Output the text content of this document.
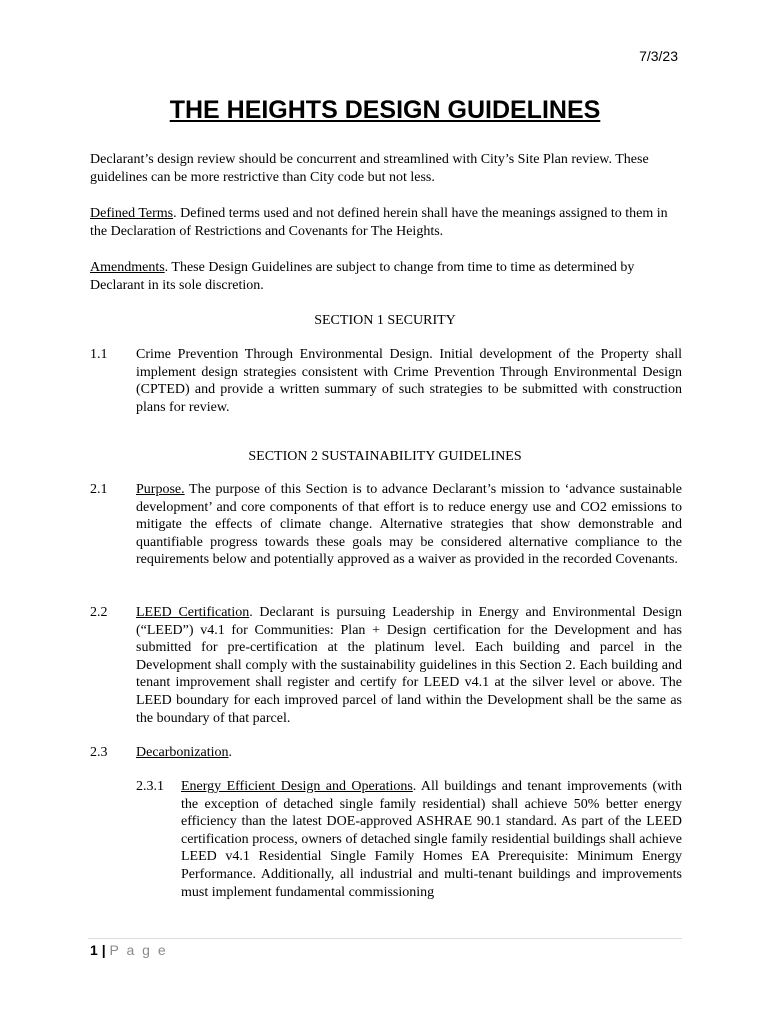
7/3/23
THE HEIGHTS DESIGN GUIDELINES

Declarant’s design review should be concurrent and streamlined with City’s Site Plan review. These guidelines can be more restrictive than City code but not less.

Defined Terms. Defined terms used and not defined herein shall have the meanings assigned to them in the Declaration of Restrictions and Covenants for The Heights.

Amendments. These Design Guidelines are subject to change from time to time as determined by Declarant in its sole discretion.

SECTION 1 SECURITY
1.1 Crime Prevention Through Environmental Design. Initial development of the Property shall implement design strategies consistent with Crime Prevention Through Environmental Design (CPTED) and provide a written summary of such strategies to be submitted with construction plans for review.
SECTION 2 SUSTAINABILITY GUIDELINES
2.1 Purpose. The purpose of this Section is to advance Declarant’s mission to ‘advance sustainable development’ and core components of that effort is to reduce energy use and CO2 emissions to mitigate the effects of climate change. Alternative strategies that show demonstrable and quantifiable progress towards these goals may be considered alternative compliance to the requirements below and potentially approved as a waiver as provided in the recorded Covenants.
2.2 LEED Certification. Declarant is pursuing Leadership in Energy and Environmental Design (“LEED”) v4.1 for Communities: Plan + Design certification for the Development and has submitted for pre-certification at the platinum level. Each building and parcel in the Development shall comply with the sustainability guidelines in this Section 2. Each building and tenant improvement shall register and certify for LEED v4.1 at the silver level or above. The LEED boundary for each improved parcel of land within the Development shall be the same as the boundary of that parcel.
2.3 Decarbonization.
2.3.1 Energy Efficient Design and Operations. All buildings and tenant improvements (with the exception of detached single family residential) shall achieve 50% better energy efficiency than the latest DOE-approved ASHRAE 90.1 standard. As part of the LEED certification process, owners of detached single family residential buildings shall achieve LEED v4.1 Residential Single Family Homes EA Prerequisite: Minimum Energy Performance. Additionally, all industrial and multi-tenant buildings and improvements must implement fundamental commissioning
1 | P a g e
